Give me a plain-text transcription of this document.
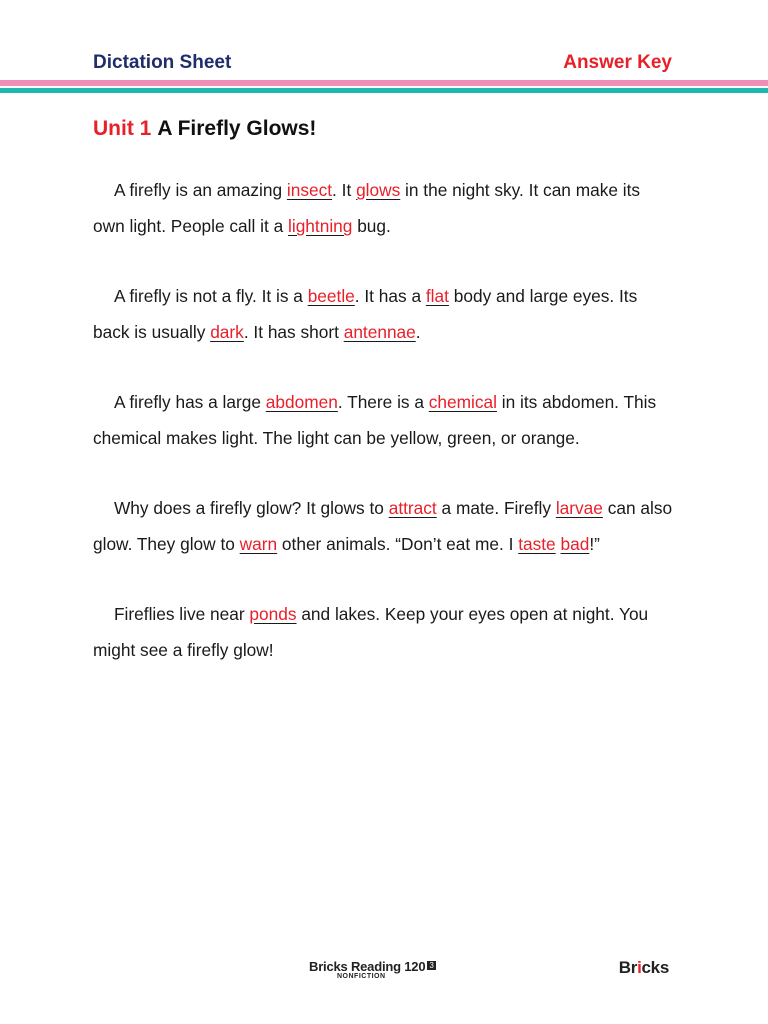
Dictation Sheet	Answer Key
Unit 1 A Firefly Glows!

A firefly is an amazing insect. It glows in the night sky. It can make its own light. People call it a lightning bug.

A firefly is not a fly. It is a beetle. It has a flat body and large eyes. Its back is usually dark. It has short antennae.

A firefly has a large abdomen. There is a chemical in its abdomen. This chemical makes light. The light can be yellow, green, or orange.

Why does a firefly glow? It glows to attract a mate. Firefly larvae can also glow. They glow to warn other animals. “Don’t eat me. I taste bad!”

Fireflies live near ponds and lakes. Keep your eyes open at night. You might see a firefly glow!

Bricks Reading 120 3
NONFICTION	Bricks
